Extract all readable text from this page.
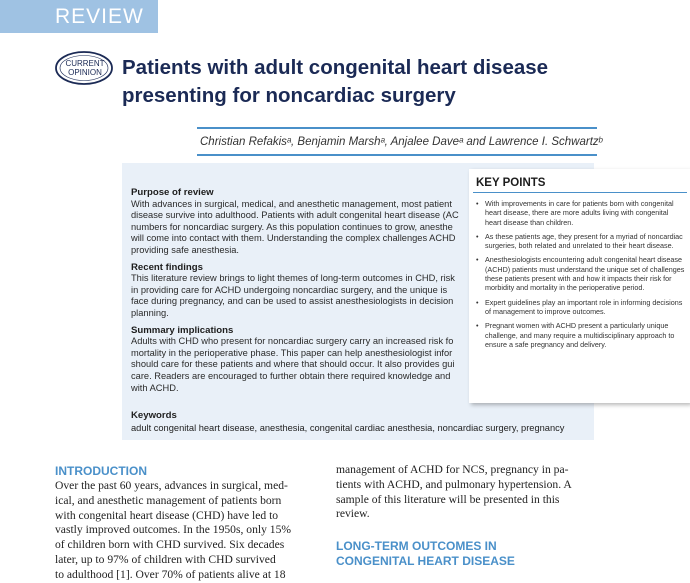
REVIEW
CURRENT
OPINION Patients with adult congenital heart disease
presenting for noncardiac surgery
Christian Refakisᵃ, Benjamin Marshᵃ, Anjalee Daveᵃ and Lawrence I. Schwartzᵇ
Purpose of review

With advances in surgical, medical, and anesthetic management, most patient

disease survive into adulthood. Patients with adult congenital heart disease (AC

numbers for noncardiac surgery. As this population continues to grow, anesthe

will come into contact with them. Understanding the complex challenges ACHD

providing safe anesthesia.

Recent findings

This literature review brings to light themes of long-term outcomes in CHD, risk

in providing care for ACHD undergoing noncardiac surgery, and the unique is

face during pregnancy, and can be used to assist anesthesiologists in decision

planning.

Summary implications

Adults with CHD who present for noncardiac surgery carry an increased risk fo

mortality in the perioperative phase. This paper can help anesthesiologist infor

should care for these patients and where that should occur. It also provides gui

care. Readers are encouraged to further obtain there required knowledge and

with ACHD.

Keywords
adult congenital heart disease, anesthesia, congenital cardiac anesthesia, noncardiac surgery, pregnancy
KEY POINTS
• With improvements in care for patients born with congenital heart disease, there are more adults living with congenital heart disease than children.
• As these patients age, they present for a myriad of noncardiac surgeries, both related and unrelated to their heart disease.
• Anesthesiologists encountering adult congenital heart disease (ACHD) patients must understand the unique set of challenges these patients present with and how it impacts their risk for morbidity and mortality in the perioperative period.
• Expert guidelines play an important role in informing decisions of management to improve outcomes.
• Pregnant women with ACHD present a particularly unique challenge, and many require a multidisciplinary approach to ensure a safe pregnancy and delivery.
INTRODUCTION
Over the past 60 years, advances in surgical, med-
ical, and anesthetic management of patients born
with congenital heart disease (CHD) have led to
vastly improved outcomes. In the 1950s, only 15%
of children born with CHD survived. Six decades
later, up to 97% of children with CHD survived
to adulthood [1]. Over 70% of patients alive at 18
management of ACHD for NCS, pregnancy in pa-
tients with ACHD, and pulmonary hypertension. A
sample of this literature will be presented in this
review.
LONG-TERM OUTCOMES IN
CONGENITAL HEART DISEASE
